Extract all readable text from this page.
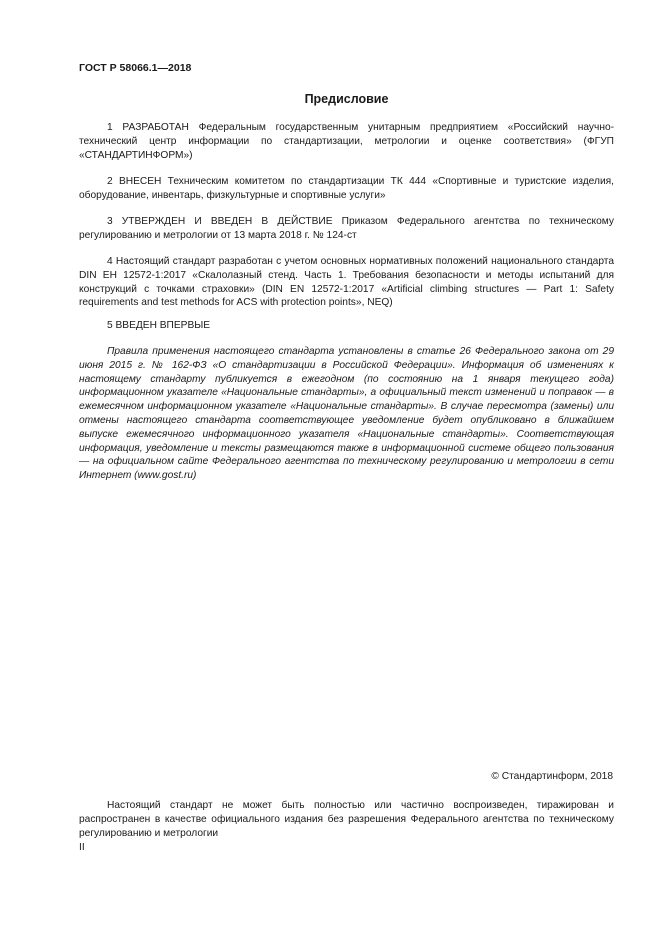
ГОСТ Р 58066.1—2018
Предисловие

1 РАЗРАБОТАН Федеральным государственным унитарным предприятием «Российский научно-технический центр информации по стандартизации, метрологии и оценке соответствия» (ФГУП «СТАНДАРТИНФОРМ»)

2 ВНЕСЕН Техническим комитетом по стандартизации ТК 444 «Спортивные и туристские изделия, оборудование, инвентарь, физкультурные и спортивные услуги»

3 УТВЕРЖДЕН И ВВЕДЕН В ДЕЙСТВИЕ Приказом Федерального агентства по техническому регулированию и метрологии от 13 марта 2018 г. № 124-ст

4 Настоящий стандарт разработан с учетом основных нормативных положений национального стандарта DIN ЕН 12572-1:2017 «Скалолазный стенд. Часть 1. Требования безопасности и методы испытаний для конструкций с точками страховки» (DIN EN 12572-1:2017 «Artificial climbing structures — Part 1: Safety requirements and test methods for ACS with protection points», NEQ)

5 ВВЕДЕН ВПЕРВЫЕ

Правила применения настоящего стандарта установлены в статье 26 Федерального закона от 29 июня 2015 г. № 162-ФЗ «О стандартизации в Российской Федерации». Информация об изменениях к настоящему стандарту публикуется в ежегодном (по состоянию на 1 января текущего года) информационном указателе «Национальные стандарты», а официальный текст изменений и поправок — в ежемесячном информационном указателе «Национальные стандарты». В случае пересмотра (замены) или отмены настоящего стандарта соответствующее уведомление будет опубликовано в ближайшем выпуске ежемесячного информационного указателя «Национальные стандарты». Соответствующая информация, уведомление и тексты размещаются также в информационной системе общего пользования — на официальном сайте Федерального агентства по техническому регулированию и метрологии в сети Интернет (www.gost.ru)

© Стандартинформ, 2018

Настоящий стандарт не может быть полностью или частично воспроизведен, тиражирован и распространен в качестве официального издания без разрешения Федерального агентства по техническому регулированию и метрологии

II
